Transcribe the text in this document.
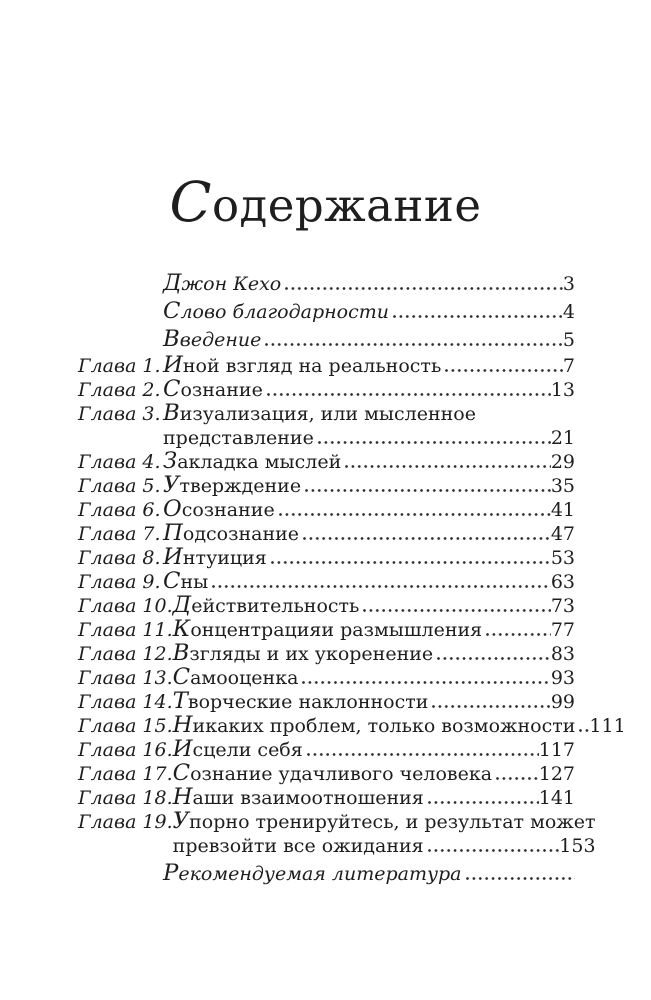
Содержание
Джон Кехо	3
Слово благодарности	4
Введение	5
Глава 1. Иной взгляд на реальность	7
Глава 2. Сознание	13
Глава 3. Визуализация, или мысленное
представление	21
Глава 4. Закладка мыслей	29
Глава 5. Утверждение	35
Глава 6. Осознание	41
Глава 7. Подсознание	47
Глава 8. Интуиция	53
Глава 9. Сны	63
Глава 10. Действительность	73
Глава 11. Концентрацияи размышления	77
Глава 12. Взгляды и их укоренение	83
Глава 13. Самооценка	93
Глава 14. Творческие наклонности	99
Глава 15. Никаких проблем, только возможности 111
Глава 16. Исцели себя	117
Глава 17. Сознание удачливого человека 127
Глава 18. Наши взаимоотношения	141
Глава 19. Упорно тренируйтесь, и результат может
превзойти все ожидания	153
Рекомендуемая литература
